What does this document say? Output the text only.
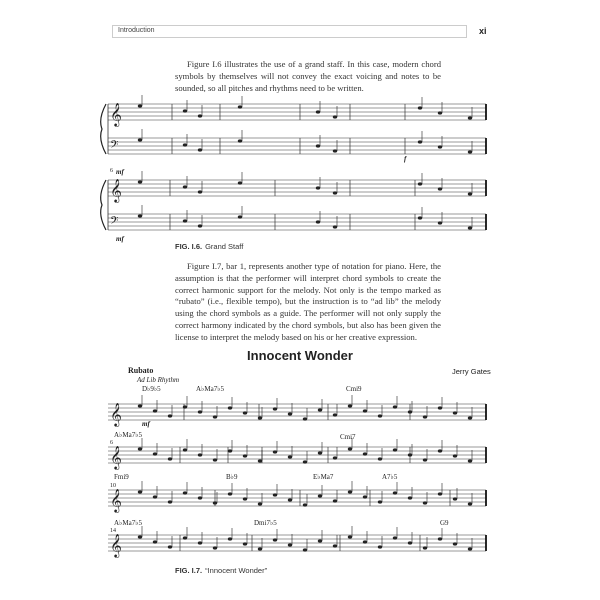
Introduction	xi

Figure I.6 illustrates the use of a grand staff. In this case, modern chord symbols by themselves will not convey the exact voicing and notes to be sounded, so all pitches and rhythms need to be written.

FIG. I.6. Grand Staff

Figure I.7, bar 1, represents another type of notation for piano. Here, the assumption is that the performer will interpret chord symbols to create the correct harmonic support for the melody. Not only is the tempo marked as “rubato” (i.e., flexible tempo), but the instruction is to “ad lib” the melody using the chord symbols as a guide. The performer will not only supply the correct harmony indicated by the chord symbols, but also has been given the license to interpret the melody based on his or her creative expression.

Innocent Wonder
Rubato
Ad Lib Rhythm
Jerry Gates
D♭9♭5	A♭Ma7♭5	Cmi9
A♭Ma7♭5	Cmi7
Fmi9	B♭9	E♭Ma7	A7♭5
A♭Ma7♭5	Dmi7♭5	G9
mf
f
mf
6
mf
6
10
14
FIG. I.7. “Innocent Wonder”
𝄞
𝄢
𝄞
𝄢
𝄞
𝄞
𝄞
𝄞
